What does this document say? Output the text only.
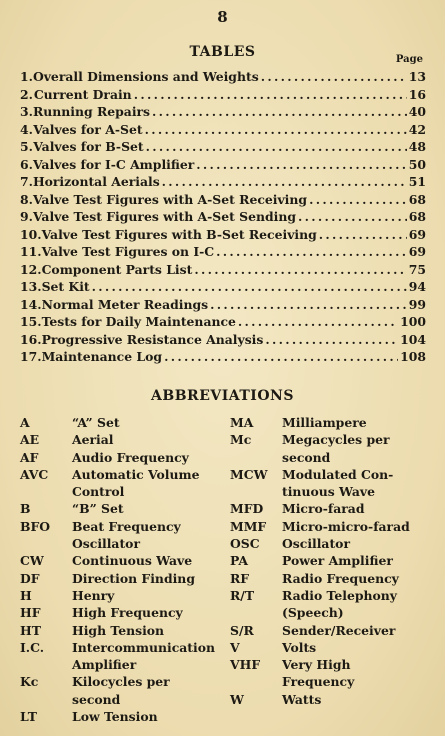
8
TABLES	Page
1. Overall Dimensions and Weights . . .	13
2. Current Drain . . .	16
3. Running Repairs . . .	40
4. Valves for A-Set . . .	42
5. Valves for B-Set . . .	48
6. Valves for I-C Amplifier . . .	50
7. Horizontal Aerials . . .	51
8. Valve Test Figures with A-Set Receiving . . .	68
9. Valve Test Figures with A-Set Sending . . .	68
10. Valve Test Figures with B-Set Receiving . . .	69
11. Valve Test Figures on I-C . . .	69
12. Component Parts List . . .	75
13. Set Kit . . .	94
14. Normal Meter Readings . . .	99
15. Tests for Daily Maintenance . . .	100
16. Progressive Resistance Analysis . . .	104
17. Maintenance Log . . .	108
ABBREVIATIONS
A	“A” Set
AE	Aerial
AF	Audio Frequency
AVC	Automatic Volume
Control
B	“B” Set
BFO	Beat Frequency
Oscillator
CW	Continuous Wave
DF	Direction Finding
H	Henry
HF	High Frequency
HT	High Tension
I.C.	Intercommunication
Amplifier
Kc	Kilocycles per
second
LT	Low Tension
MA	Milliampere
Mc	Megacycles per
second
MCW	Modulated Con-
tinuous Wave
MFD	Micro-farad
MMF	Micro-micro-farad
OSC	Oscillator
PA	Power Amplifier
RF	Radio Frequency
R/T	Radio Telephony
(Speech)
S/R	Sender/Receiver
V	Volts
VHF	Very High
Frequency
W	Watts
